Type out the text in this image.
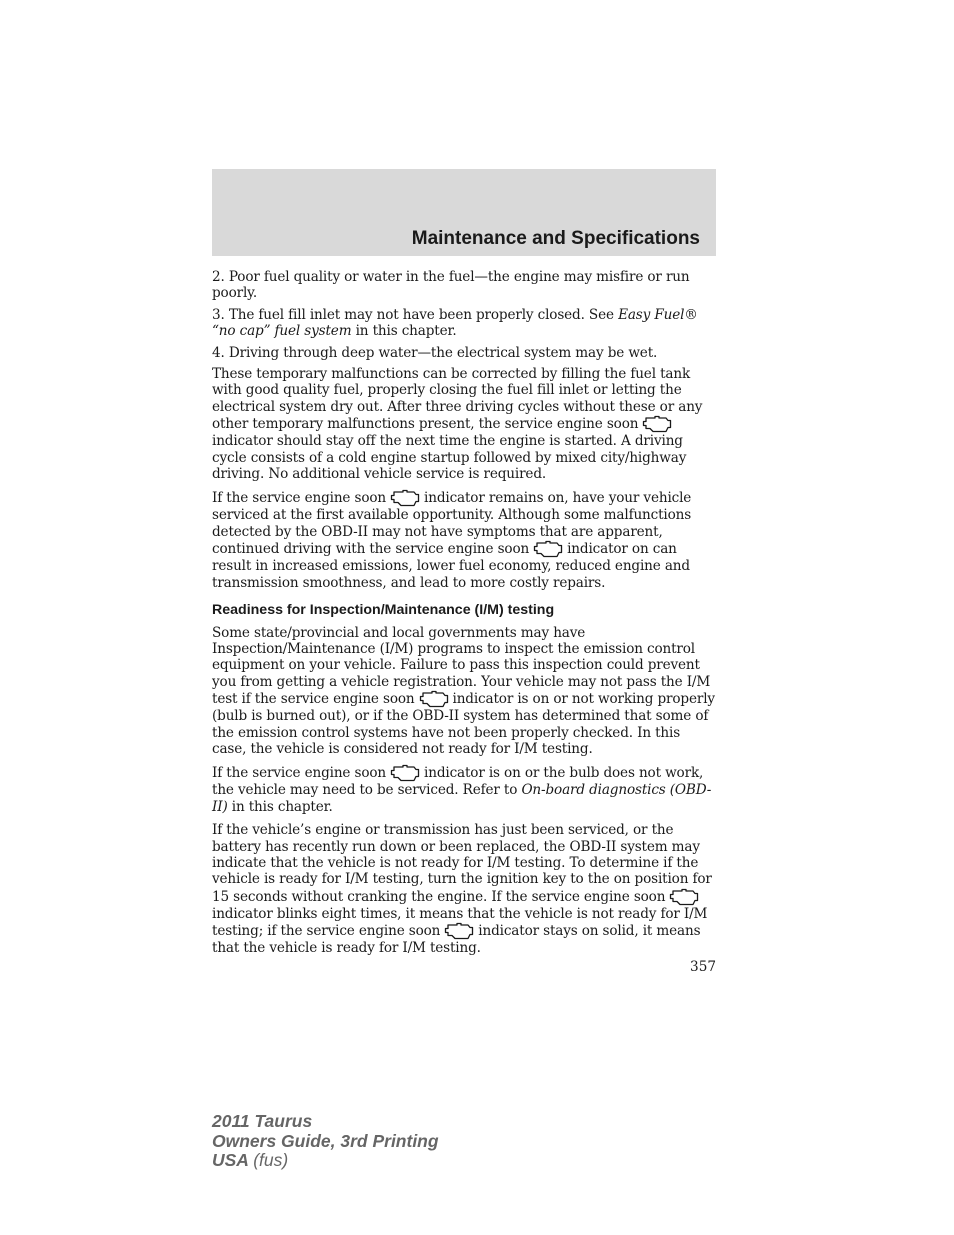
Maintenance and Specifications

2. Poor fuel quality or water in the fuel—the engine may misfire or run poorly.

3. The fuel fill inlet may not have been properly closed. See Easy Fuel® “no cap” fuel system in this chapter.

4. Driving through deep water—the electrical system may be wet.

These temporary malfunctions can be corrected by filling the fuel tank with good quality fuel, properly closing the fuel fill inlet or letting the electrical system dry out. After three driving cycles without these or any other temporary malfunctions present, the service engine soon
indicator should stay off the next time the engine is started. A driving cycle consists of a cold engine startup followed by mixed city/highway driving. No additional vehicle service is required.

If the service engine soon	indicator remains on, have your vehicle serviced at the first available opportunity. Although some malfunctions detected by the OBD-II may not have symptoms that are apparent, continued driving with the service engine soon	indicator on can result in increased emissions, lower fuel economy, reduced engine and transmission smoothness, and lead to more costly repairs.

Readiness for Inspection/Maintenance (I/M) testing

Some state/provincial and local governments may have Inspection/Maintenance (I/M) programs to inspect the emission control equipment on your vehicle. Failure to pass this inspection could prevent you from getting a vehicle registration. Your vehicle may not pass the I/M test if the service engine soon	indicator is on or not working properly (bulb is burned out), or if the OBD-II system has determined that some of the emission control systems have not been properly checked. In this case, the vehicle is considered not ready for I/M testing.

If the service engine soon	indicator is on or the bulb does not work, the vehicle may need to be serviced. Refer to On-board diagnostics (OBD-II) in this chapter.

If the vehicle’s engine or transmission has just been serviced, or the battery has recently run down or been replaced, the OBD-II system may indicate that the vehicle is not ready for I/M testing. To determine if the vehicle is ready for I/M testing, turn the ignition key to the on position for 15 seconds without cranking the engine. If the service engine soon
indicator blinks eight times, it means that the vehicle is not ready for I/M testing; if the service engine soon	indicator stays on solid, it means that the vehicle is ready for I/M testing.

357
2011 Taurus
Owners Guide, 3rd Printing
USA (fus)
